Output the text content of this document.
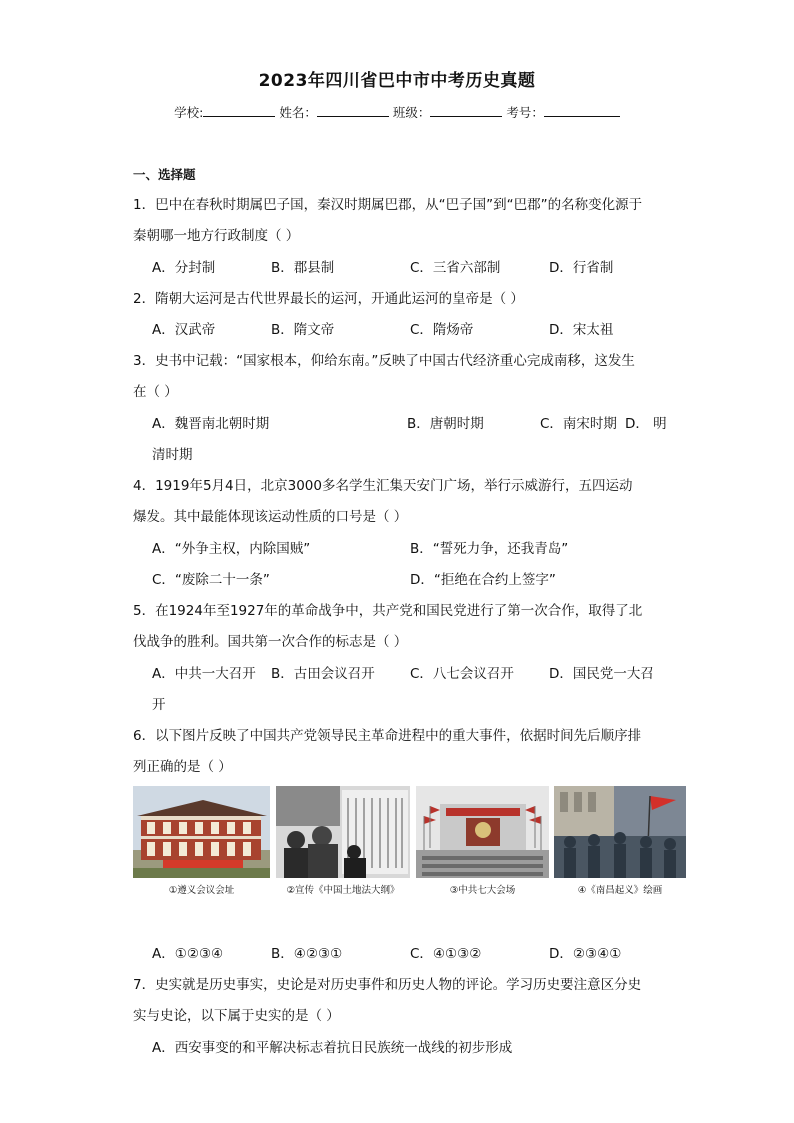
2023年四川省巴中市中考历史真题
学校:	姓名：	班级：	考号：
一、选择题
1．巴中在春秋时期属巴子国，秦汉时期属巴郡，从“巴子国”到“巴郡”的名称变化源于
秦朝哪一地方行政制度（ ）
A．分封制	B．郡县制	C．三省六部制	D．行省制
2．隋朝大运河是古代世界最长的运河，开通此运河的皇帝是（ ）
A．汉武帝	B．隋文帝	C．隋炀帝	D．宋太祖
3．史书中记载：“国家根本，仰给东南。”反映了中国古代经济重心完成南移，这发生
在（ ）
A．魏晋南北朝时期	B．唐朝时期	C．南宋时期 D． 明
清时期
4．1919年5月4日，北京3000多名学生汇集天安门广场，举行示威游行，五四运动
爆发。其中最能体现该运动性质的口号是（ ）
A．“外争主权，内除国贼”	B．“誓死力争，还我青岛”
C．“废除二十一条”	D．“拒绝在合约上签字”
5．在1924年至1927年的革命战争中，共产党和国民党进行了第一次合作，取得了北
伐战争的胜利。国共第一次合作的标志是（ ）
A．中共一大召开 B．古田会议召开	C．八七会议召开	D．国民党一大召
开
6．以下图片反映了中国共产党领导民主革命进程中的重大事件，依据时间先后顺序排
列正确的是（ ）
①遵义会议会址	②宣传《中国土地法大纲》	③中共七大会场	④《南昌起义》绘画
A．①②③④	B．④②③①	C．④①③②	D．②③④①
7．史实就是历史事实，史论是对历史事件和历史人物的评论。学习历史要注意区分史
实与史论，以下属于史实的是（ ）
A．西安事变的和平解决标志着抗日民族统一战线的初步形成
